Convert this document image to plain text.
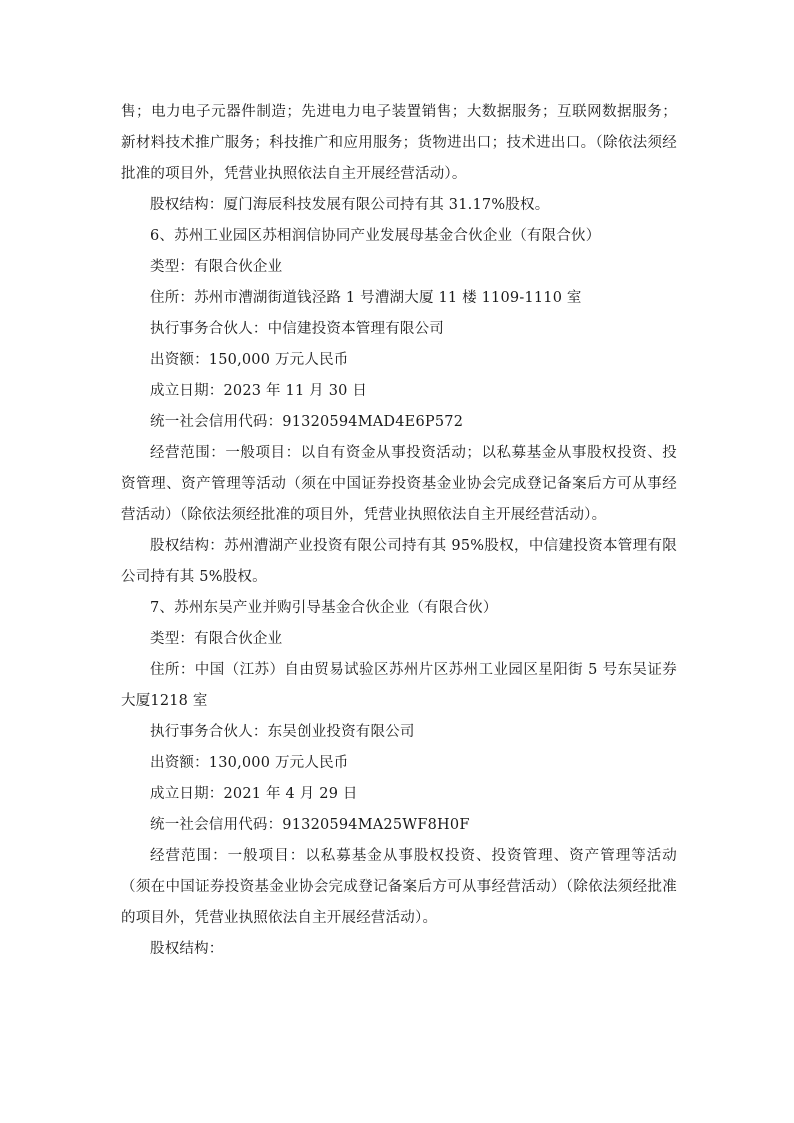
售；电力电子元器件制造；先进电力电子装置销售；大数据服务；互联网数据服务；新材料技术推广服务；科技推广和应用服务；货物进出口；技术进出口。（除依法须经批准的项目外，凭营业执照依法自主开展经营活动）。

股权结构：厦门海辰科技发展有限公司持有其 31.17%股权。

6、苏州工业园区苏相润信协同产业发展母基金合伙企业（有限合伙）

类型：有限合伙企业

住所：苏州市漕湖街道钱泾路 1 号漕湖大厦 11 楼 1109-1110 室

执行事务合伙人：中信建投资本管理有限公司

出资额：150,000 万元人民币

成立日期：2023 年 11 月 30 日

统一社会信用代码：91320594MAD4E6P572

经营范围：一般项目：以自有资金从事投资活动；以私募基金从事股权投资、投资管理、资产管理等活动（须在中国证券投资基金业协会完成登记备案后方可从事经营活动）（除依法须经批准的项目外，凭营业执照依法自主开展经营活动）。

股权结构：苏州漕湖产业投资有限公司持有其 95%股权，中信建投资本管理有限公司持有其 5%股权。

7、苏州东吴产业并购引导基金合伙企业（有限合伙）

类型：有限合伙企业

住所：中国（江苏）自由贸易试验区苏州片区苏州工业园区星阳街 5 号东吴证券大厦1218 室

执行事务合伙人：东吴创业投资有限公司

出资额：130,000 万元人民币

成立日期：2021 年 4 月 29 日

统一社会信用代码：91320594MA25WF8H0F

经营范围：一般项目：以私募基金从事股权投资、投资管理、资产管理等活动（须在中国证券投资基金业协会完成登记备案后方可从事经营活动）（除依法须经批准的项目外，凭营业执照依法自主开展经营活动）。

股权结构：
